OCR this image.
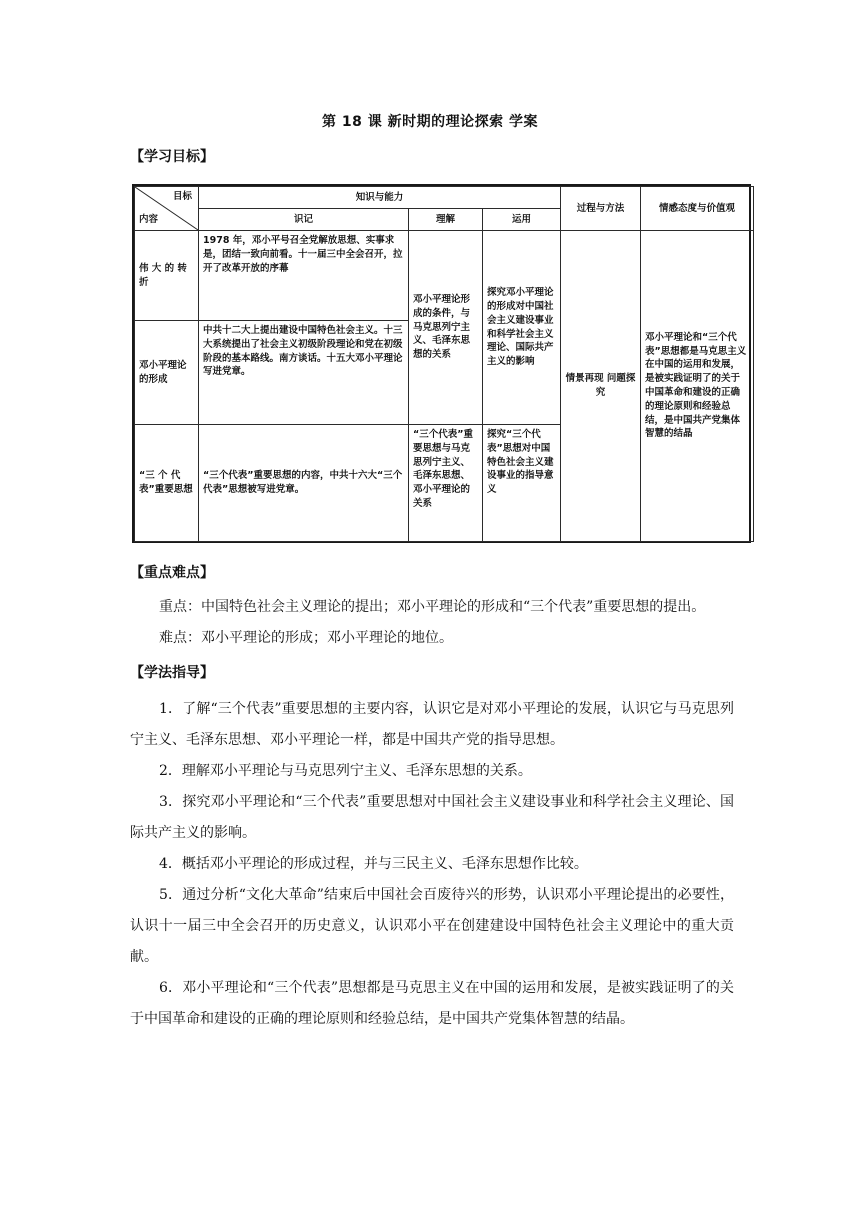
第 18 课 新时期的理论探索 学案
【学习目标】
目标
内容	知识与能力			过程与方法	情感态度与价值观
	识记	理解	运用		
伟 大 的 转折	1978 年，邓小平号召全党解放思想、实事求是，团结一致向前看。十一届三中全会召开，拉开了改革开放的序幕	邓小平理论形成的条件，与马克思列宁主义、毛泽东思想的关系	探究邓小平理论的形成对中国社会主义建设事业和科学社会主义理论、国际共产主义的影响	情景再现 问题探究	邓小平理论和“三个代表”思想都是马克思主义在中国的运用和发展，是被实践证明了的关于中国革命和建设的正确的理论原则和经验总结，是中国共产党集体智慧的结晶
邓小平理论的形成	中共十二大上提出建设中国特色社会主义。十三大系统提出了社会主义初级阶段理论和党在初级阶段的基本路线。南方谈话。十五大邓小平理论写进党章。				
“三 个 代表”重要思想	“三个代表”重要思想的内容，中共十六大“三个代表”思想被写进党章。	“三个代表”重要思想与马克思列宁主义、毛泽东思想、邓小平理论的关系	探究“三个代表”思想对中国特色社会主义建设事业的指导意义		
【重点难点】

重点：中国特色社会主义理论的提出；邓小平理论的形成和“三个代表”重要思想的提出。

难点：邓小平理论的形成；邓小平理论的地位。

【学法指导】

1．了解“三个代表”重要思想的主要内容，认识它是对邓小平理论的发展，认识它与马克思列宁主义、毛泽东思想、邓小平理论一样，都是中国共产党的指导思想。

2．理解邓小平理论与马克思列宁主义、毛泽东思想的关系。

3．探究邓小平理论和“三个代表”重要思想对中国社会主义建设事业和科学社会主义理论、国际共产主义的影响。

4．概括邓小平理论的形成过程，并与三民主义、毛泽东思想作比较。

5．通过分析“文化大革命”结束后中国社会百废待兴的形势，认识邓小平理论提出的必要性，认识十一届三中全会召开的历史意义，认识邓小平在创建建设中国特色社会主义理论中的重大贡献。

6．邓小平理论和“三个代表”思想都是马克思主义在中国的运用和发展，是被实践证明了的关于中国革命和建设的正确的理论原则和经验总结，是中国共产党集体智慧的结晶。
